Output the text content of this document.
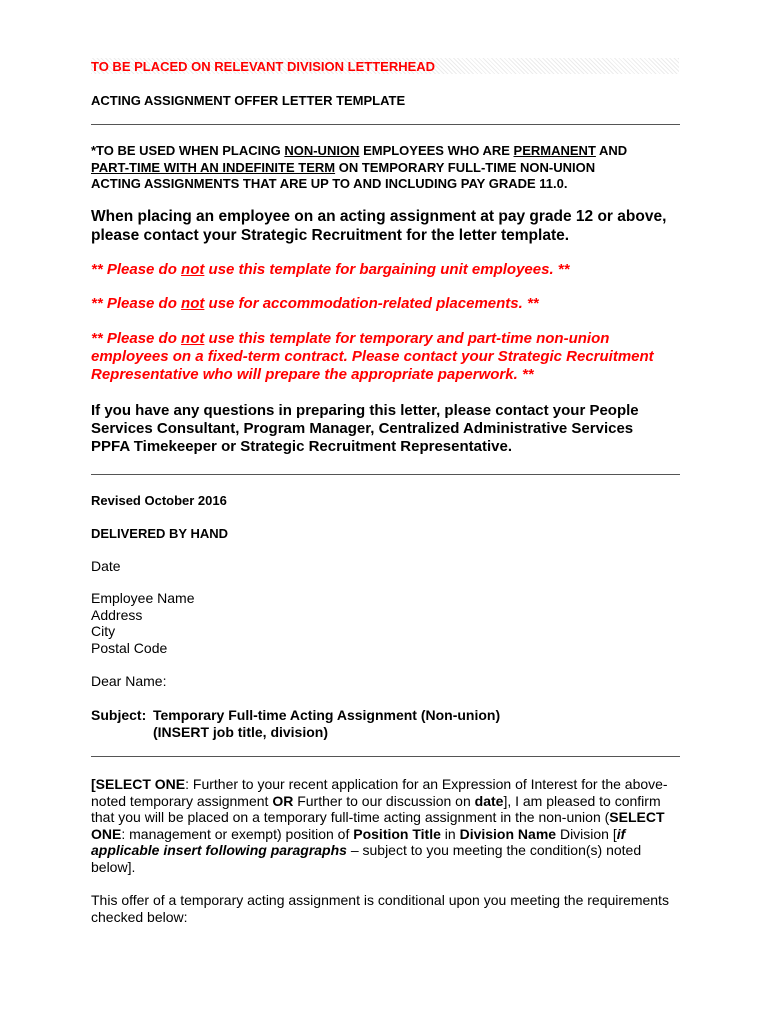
TO BE PLACED ON RELEVANT DIVISION LETTERHEAD
ACTING ASSIGNMENT OFFER LETTER TEMPLATE
*TO BE USED WHEN PLACING NON-UNION EMPLOYEES WHO ARE PERMANENT AND
PART-TIME WITH AN INDEFINITE TERM ON TEMPORARY FULL-TIME NON-UNION
ACTING ASSIGNMENTS THAT ARE UP TO AND INCLUDING PAY GRADE 11.0.
When placing an employee on an acting assignment at pay grade 12 or above,
please contact your Strategic Recruitment for the letter template.
** Please do not use this template for bargaining unit employees. **
** Please do not use for accommodation-related placements. **
** Please do not use this template for temporary and part-time non-union
employees on a fixed-term contract. Please contact your Strategic Recruitment
Representative who will prepare the appropriate paperwork. **
If you have any questions in preparing this letter, please contact your People
Services Consultant, Program Manager, Centralized Administrative Services
PPFA Timekeeper or Strategic Recruitment Representative.
Revised October 2016
DELIVERED BY HAND
Date
Employee Name
Address
City
Postal Code
Dear Name:
Subject: Temporary Full-time Acting Assignment (Non-union)
(INSERT job title, division)
[SELECT ONE: Further to your recent application for an Expression of Interest for the above-
noted temporary assignment OR Further to our discussion on date], I am pleased to confirm
that you will be placed on a temporary full-time acting assignment in the non-union (SELECT
ONE: management or exempt) position of Position Title in Division Name Division [if
applicable insert following paragraphs – subject to you meeting the condition(s) noted
below].
This offer of a temporary acting assignment is conditional upon you meeting the requirements
checked below:
